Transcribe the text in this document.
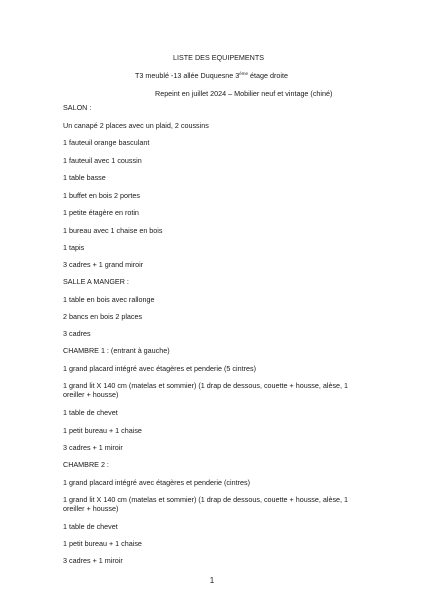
LISTE DES EQUIPEMENTS
T3 meublé -13 allée Duquesne 3ème étage droite
Repeint en juillet 2024 – Mobilier neuf et vintage (chiné)
SALON :
Un canapé 2 places avec un plaid, 2 coussins
1 fauteuil orange basculant
1 fauteuil avec 1 coussin
1 table basse
1 buffet en bois 2 portes
1 petite étagère en rotin
1 bureau avec 1 chaise en bois
1 tapis
3 cadres + 1 grand miroir
SALLE A MANGER :
1 table en bois avec rallonge
2 bancs en bois 2 places
3 cadres
CHAMBRE 1 : (entrant à gauche)
1 grand placard intégré avec étagères et penderie (5 cintres)
1 grand lit X 140 cm (matelas et sommier) (1 drap de dessous, couette + housse, alèse, 1 oreiller + housse)
1 table de chevet
1 petit bureau + 1 chaise
3 cadres + 1 miroir
CHAMBRE 2 :
1 grand placard intégré avec étagères et penderie (cintres)
1 grand lit X 140 cm (matelas et sommier) (1 drap de dessous, couette + housse, alèse, 1 oreiller + housse)
1 table de chevet
1 petit bureau + 1 chaise
3 cadres + 1 miroir
1
